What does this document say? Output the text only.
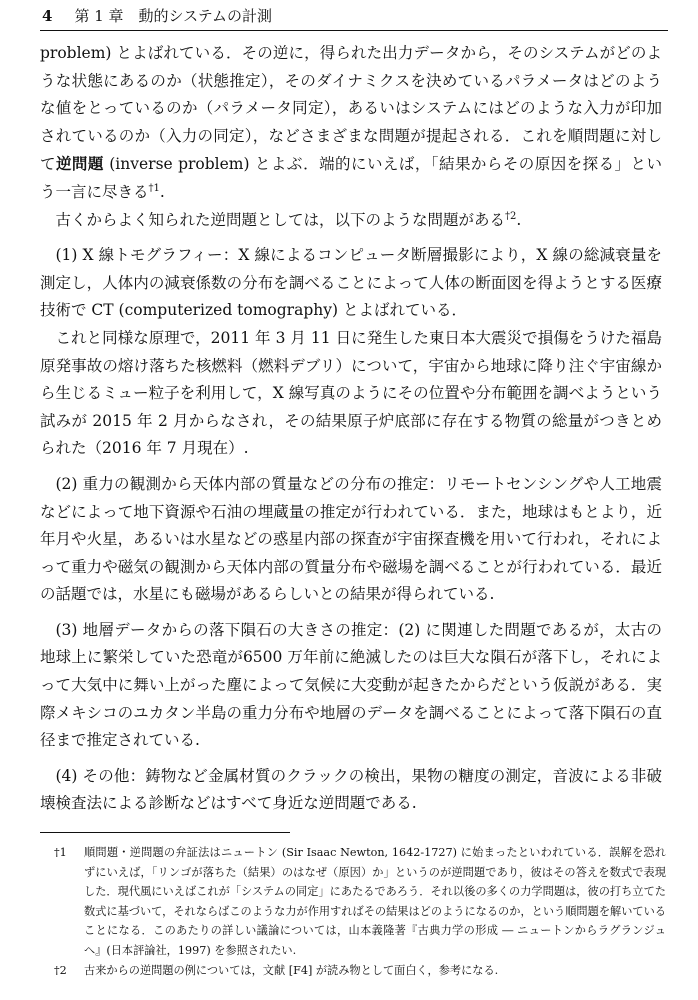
4 第 1 章　動的システムの計測

problem) とよばれている．その逆に，得られた出力データから，そのシステムがどのような状態にあるのか（状態推定），そのダイナミクスを決めているパラメータはどのような値をとっているのか（パラメータ同定），あるいはシステムにはどのような入力が印加されているのか（入力の同定），などさまざまな問題が提起される．これを順問題に対して逆問題 (inverse problem) とよぶ．端的にいえば，「結果からその原因を探る」という一言に尽きる$^{\dagger 1}$.

古くからよく知られた逆問題としては，以下のような問題がある$^{\dagger 2}$.

(1) X 線トモグラフィー：X 線によるコンピュータ断層撮影により，X 線の総減衰量を測定し，人体内の減衰係数の分布を調べることによって人体の断面図を得ようとする医療技術で CT (computerized tomography) とよばれている．

これと同様な原理で，2011 年 3 月 11 日に発生した東日本大震災で損傷をうけた福島原発事故の熔け落ちた核燃料（燃料デブリ）について，宇宙から地球に降り注ぐ宇宙線から生じるミュー粒子を利用して，X 線写真のようにその位置や分布範囲を調べようという試みが 2015 年 2 月からなされ，その結果原子炉底部に存在する物質の総量がつきとめられた（2016 年 7 月現在）.

(2) 重力の観測から天体内部の質量などの分布の推定：リモートセンシングや人工地震などによって地下資源や石油の埋蔵量の推定が行われている．また，地球はもとより，近年月や火星，あるいは水星などの惑星内部の探査が宇宙探査機を用いて行われ，それによって重力や磁気の観測から天体内部の質量分布や磁場を調べることが行われている．最近の話題では，水星にも磁場があるらしいとの結果が得られている.

(3) 地層データからの落下隕石の大きさの推定：(2) に関連した問題であるが，太古の地球上に繁栄していた恐竜が6500 万年前に絶滅したのは巨大な隕石が落下し，それによって大気中に舞い上がった塵によって気候に大変動が起きたからだという仮説がある．実際メキシコのユカタン半島の重力分布や地層のデータを調べることによって落下隕石の直径まで推定されている.

(4) その他：鋳物など金属材質のクラックの検出，果物の糖度の測定，音波による非破壊検査法による診断などはすべて身近な逆問題である.

†1 順問題・逆問題の弁証法はニュートン (Sir Isaac Newton, 1642-1727) に始まったといわれている．誤解を恐れずにいえば，「リンゴが落ちた（結果）のはなぜ（原因）か」というのが逆問題であり，彼はその答えを数式で表現した．現代風にいえばこれが「システムの同定」にあたるであろう．それ以後の多くの力学問題は，彼の打ち立てた数式に基づいて，それならばこのような力が作用すればその結果はどのようになるのか，という順問題を解いていることになる．このあたりの詳しい議論については，山本義隆著『古典力学の形成 ― ニュートンからラグランジュへ』(日本評論社，1997) を参照されたい.
†2 古来からの逆問題の例については，文献 [F4] が読み物として面白く，参考になる.
